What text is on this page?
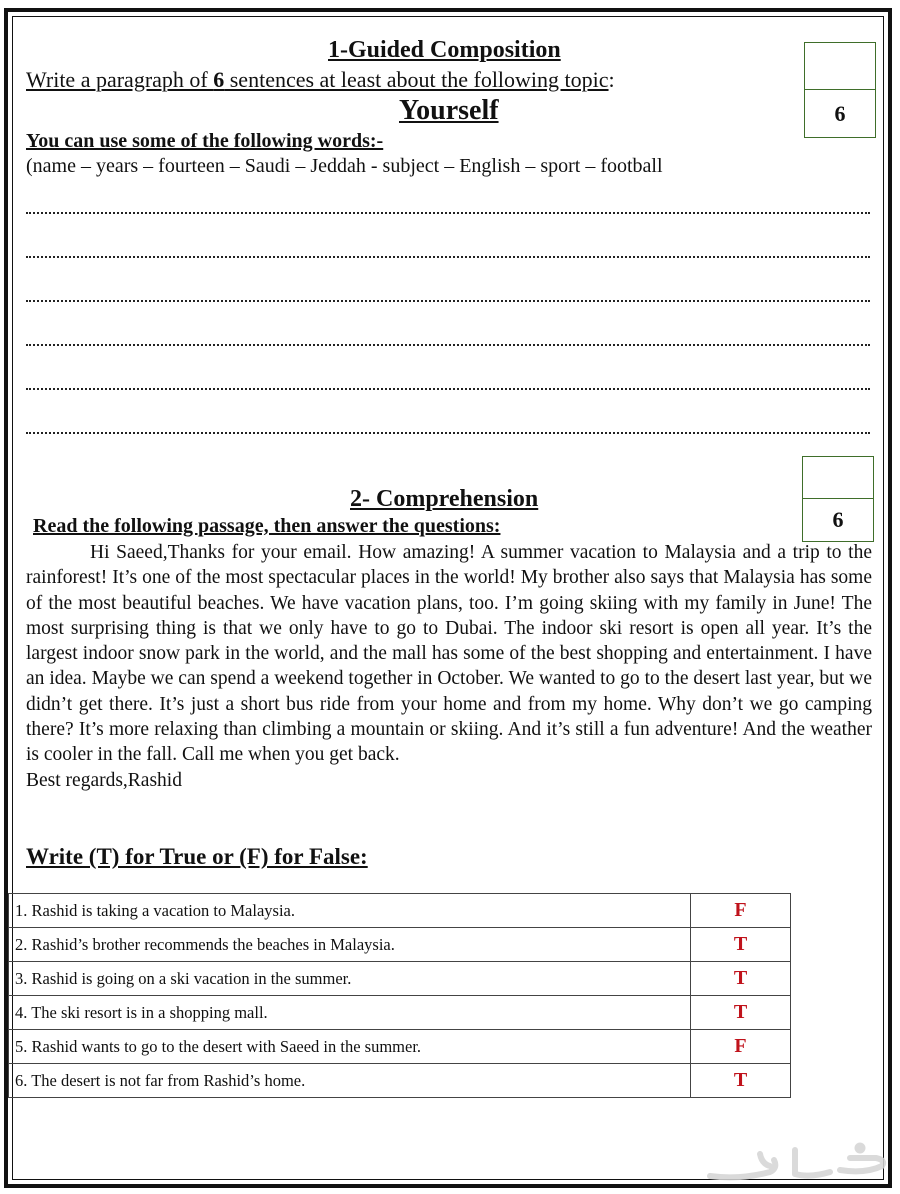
1-Guided Composition
Write a paragraph of 6 sentences at least about the following topic:
Yourself
You can use some of the following words:-
(name – years – fourteen – Saudi – Jeddah - subject – English – sport – football
6
2- Comprehension
Read the following passage, then answer the questions:	6

Hi Saeed,Thanks for your email. How amazing! A summer vacation to Malaysia and a trip to the rainforest! It’s one of the most spectacular places in the world! My brother also says that Malaysia has some of the most beautiful beaches. We have vacation plans, too. I’m going skiing with my family in June! The most surprising thing is that we only have to go to Dubai. The indoor ski resort is open all year. It’s the largest indoor snow park in the world, and the mall has some of the best shopping and entertainment. I have an idea. Maybe we can spend a weekend together in October. We wanted to go to the desert last year, but we didn’t get there. It’s just a short bus ride from your home and from my home. Why don’t we go camping there? It’s more relaxing than climbing a mountain or skiing. And it’s still a fun adventure! And the weather is cooler in the fall. Call me when you get back.

Best regards,Rashid

Write (T) for True or (F) for False:
1. Rashid is taking a vacation to Malaysia.	F
2. Rashid’s brother recommends the beaches in Malaysia.	T
3. Rashid is going on a ski vacation in the summer.	T
4. The ski resort is in a shopping mall.	T
5. Rashid wants to go to the desert with Saeed in the summer.	F
6. The desert is not far from Rashid’s home.	T
